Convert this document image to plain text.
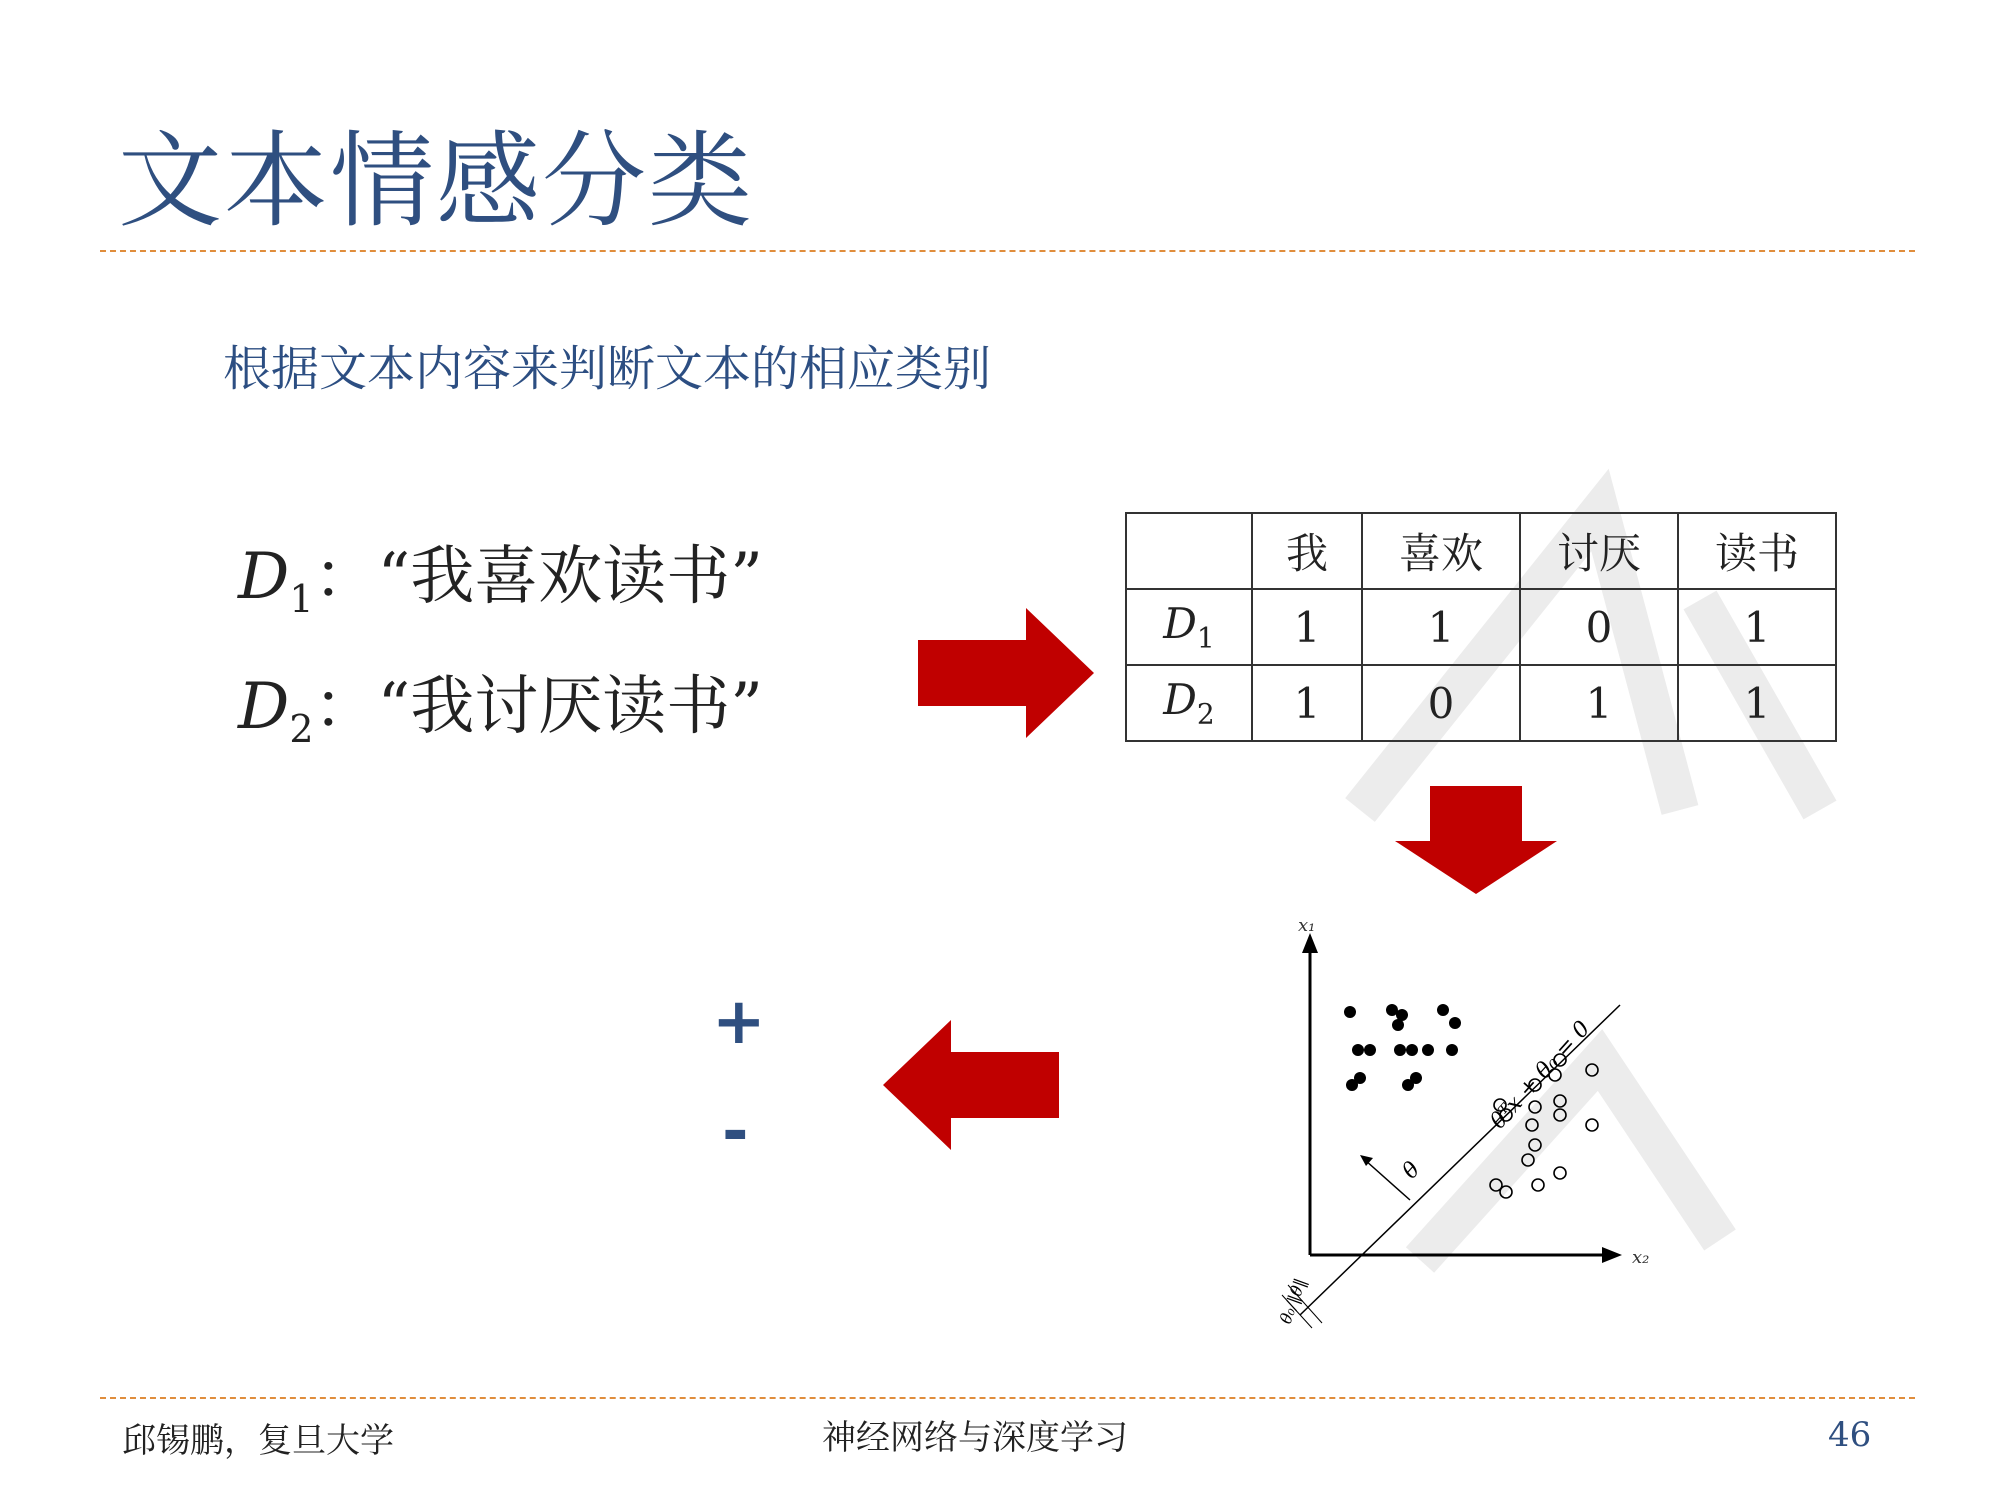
文本情感分类
根据文本内容来判断文本的相应类别
$D_1$：“我喜欢读书”
$D_2$：“我讨厌读书”
	我	喜欢	讨厌	读书
$D_1$	1	1	0	1
$D_2$	1	0	1	1
x₁
x₂
θᵀx + θ₀ = 0
θ
θ₀/‖θ‖
+
-
邱锡鹏，复旦大学	神经网络与深度学习	46
